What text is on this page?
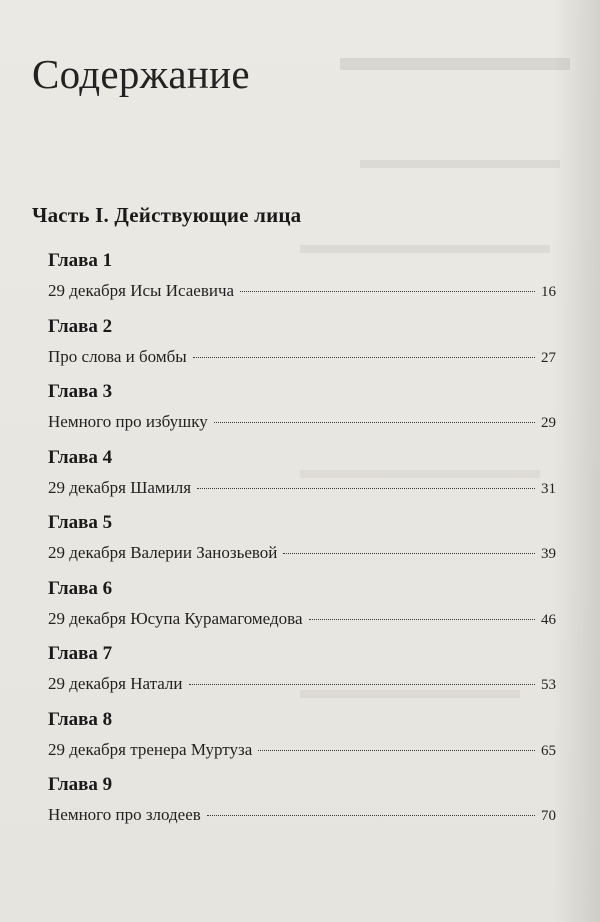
Содержание
Часть I. Действующие лица
Глава 1
29 декабря Исы Исаевича	16
Глава 2
Про слова и бомбы	27
Глава 3
Немного про избушку	29
Глава 4
29 декабря Шамиля	31
Глава 5
29 декабря Валерии Занозьевой	39
Глава 6
29 декабря Юсупа Курамагомедова	46
Глава 7
29 декабря Натали	53
Глава 8
29 декабря тренера Муртуза	65
Глава 9
Немного про злодеев	70
